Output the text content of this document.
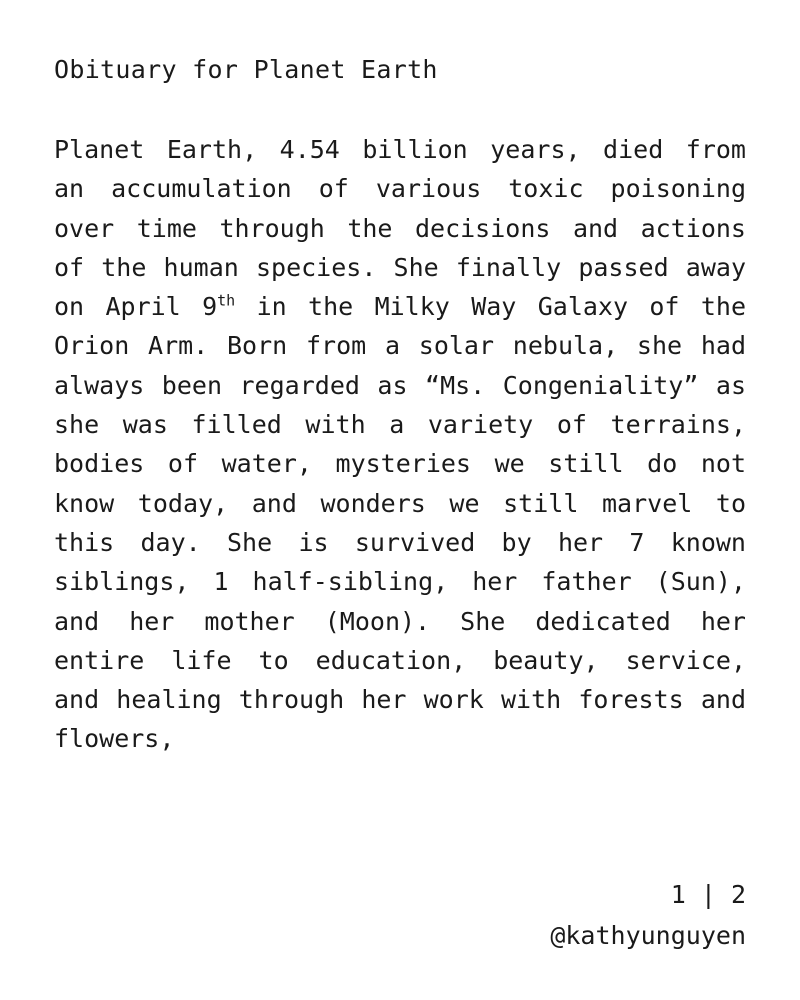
Obituary for Planet Earth

Planet Earth, 4.54 billion years, died from an accumulation of various toxic poisoning over time through the decisions and actions of the human species. She finally passed away on April 9th in the Milky Way Galaxy of the Orion Arm. Born from a solar nebula, she had always been regarded as “Ms. Congeniality” as she was filled with a variety of terrains, bodies of water, mysteries we still do not know today, and wonders we still marvel to this day. She is survived by her 7 known siblings, 1 half-sibling, her father (Sun), and her mother (Moon). She dedicated her entire life to education, beauty, service, and healing through her work with forests and flowers,

1 | 2
@kathyunguyen
